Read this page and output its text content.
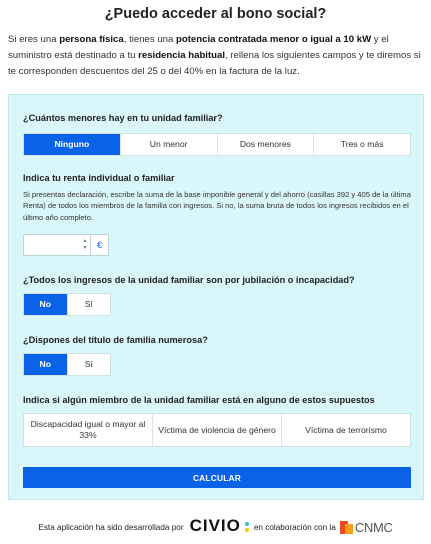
¿Puedo acceder al bono social?
Si eres una persona física, tienes una potencia contratada menor o igual a 10 kW y el suministro está destinado a tu residencia habitual, rellena los siguientes campos y te diremos si te corresponden descuentos del 25 o del 40% en la factura de la luz.
¿Cuántos menores hay en tu unidad familiar?
Ninguno	Un menor	Dos menores	Tres o más
Indica tu renta individual o familiar
Si presentas declaración, escribe la suma de la base imponible general y del ahorro (casillas 392 y 405 de la última Renta) de todos los miembros de la familia con ingresos. Si no, la suma bruta de todos los ingresos recibidos en el último año completo.
▲
▼	€
¿Todos los ingresos de la unidad familiar son por jubilación o incapacidad?
No	Sí
¿Dispones del título de familia numerosa?
No	Sí
Indica si algún miembro de la unidad familiar está en alguno de estos supuestos
Discapacidad igual o mayor al 33%
Víctima de violencia de género	Víctima de terrorismo
CALCULAR
Esta aplicación ha sido desarrollada por CIVIO en colaboración con la CNMC
